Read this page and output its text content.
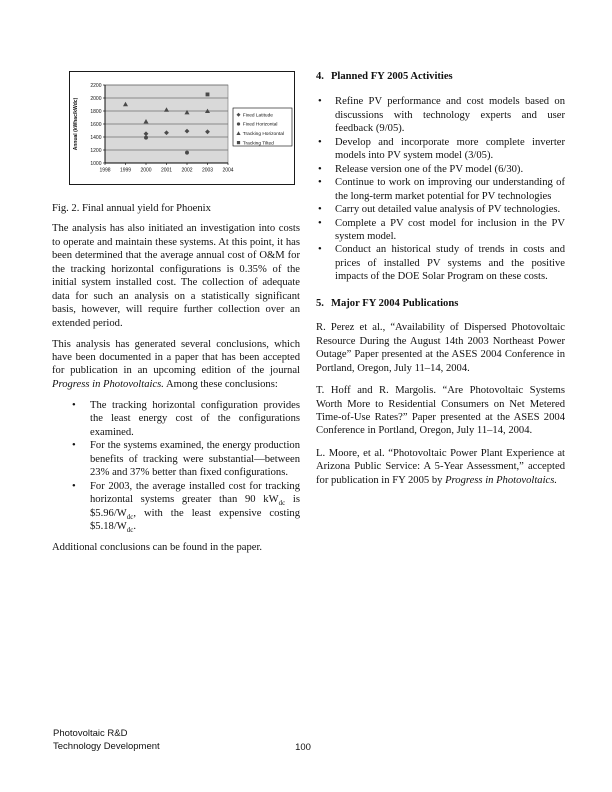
1000
1200
1400
1600
1800
2000
2200
1998 1999 2000 2001 2002 2003 2004
Annual (kWhac/kWdc)	Fixed Latitude
Fixed Horizontal
Tracking Horizontal
Tracking Tilted

Fig. 2. Final annual yield for Phoenix

The analysis has also initiated an investigation into costs to operate and maintain these systems. At this point, it has been determined that the average annual cost of O&M for the tracking horizontal configurations is 0.35% of the initial system installed cost. The collection of adequate data for such an analysis on a statistically significant basis, however, will require further collection over an extended period.

This analysis has generated several conclusions, which have been documented in a paper that has been accepted for publication in an upcoming edition of the journal Progress in Photovoltaics. Among these conclusions:

• The tracking horizontal configuration provides the least energy cost of the configurations examined.
• For the systems examined, the energy production benefits of tracking were substantial—between 23% and 37% better than fixed configurations.
• For 2003, the average installed cost for tracking horizontal systems greater than 90 $kW_{dc}$ is $\$5.96/W_{dc}$, with the least expensive costing $\$5.18/W_{dc}$.

Additional conclusions can be found in the paper.

4. Planned FY 2005 Activities

• Refine PV performance and cost models based on discussions with technology experts and user feedback (9/05).
• Develop and incorporate more complete inverter models into PV system model (3/05).
• Release version one of the PV model (6/30).
• Continue to work on improving our understanding of the long-term market potential for PV technologies
• Carry out detailed value analysis of PV technologies.
• Complete a PV cost model for inclusion in the PV system model.
• Conduct an historical study of trends in costs and prices of installed PV systems and the positive impacts of the DOE Solar Program on these costs.

5. Major FY 2004 Publications

R. Perez et al., “Availability of Dispersed Photovoltaic Resource During the August 14th 2003 Northeast Power Outage” Paper presented at the ASES 2004 Conference in Portland, Oregon, July 11–14, 2004.

T. Hoff and R. Margolis. “Are Photovoltaic Systems Worth More to Residential Consumers on Net Metered Time-of-Use Rates?” Paper presented at the ASES 2004 Conference in Portland, Oregon, July 11–14, 2004.

L. Moore, et al. “Photovoltaic Power Plant Experience at Arizona Public Service: A 5-Year Assessment,” accepted for publication in FY 2005 by Progress in Photovoltaics.

Photovoltaic R&D
Technology Development	100
